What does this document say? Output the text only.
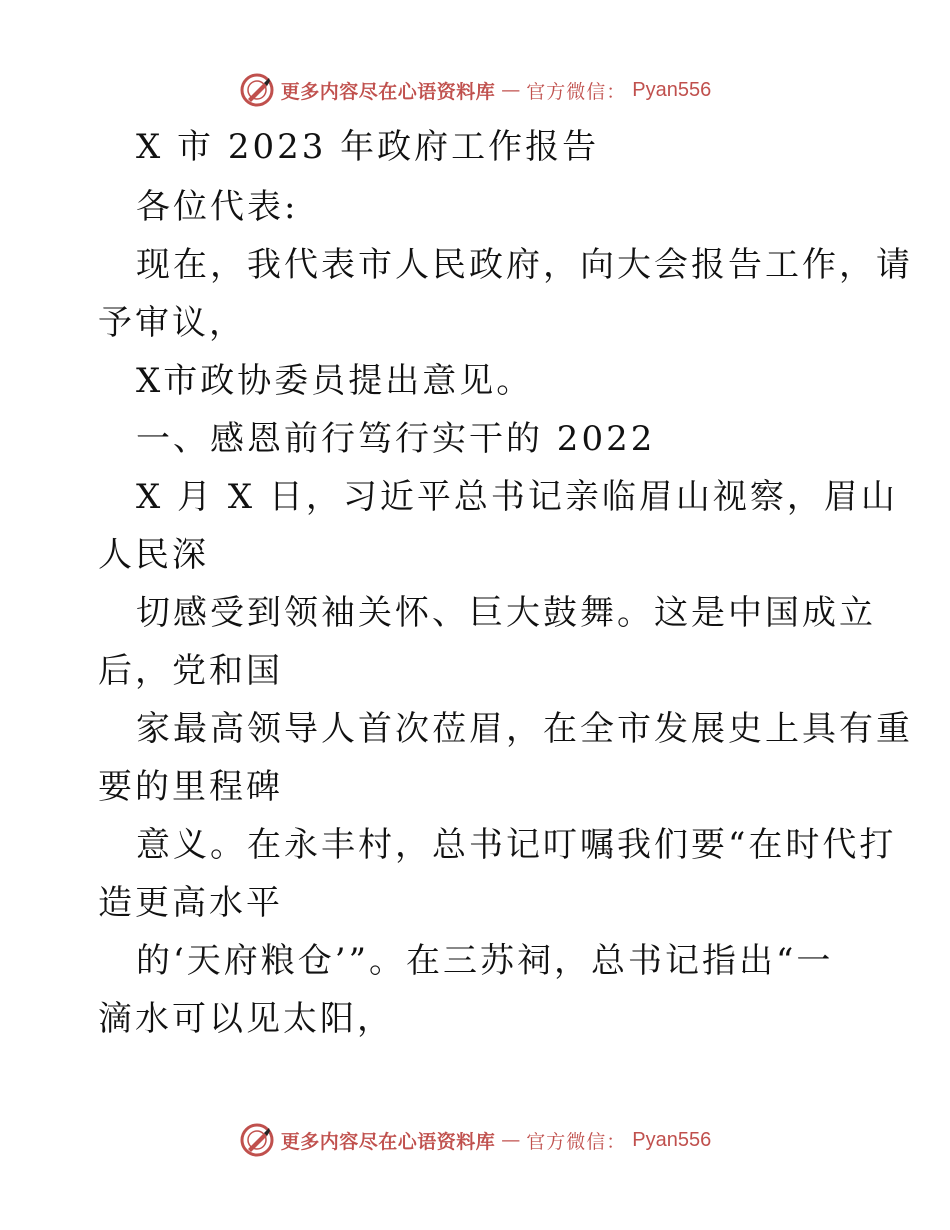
更多内容尽在心语资料库 — 官方微信： Pyan556
X 市 2023 年政府工作报告
各位代表:
现在，我代表市人民政府，向大会报告工作，请
予审议，
X市政协委员提出意见。
一、感恩前行笃行实干的 2022
X 月 X 日，习近平总书记亲临眉山视察，眉山
人民深
切感受到领袖关怀、巨大鼓舞。这是中国成立
后，党和国
家最高领导人首次莅眉，在全市发展史上具有重
要的里程碑
意义。在永丰村，总书记叮嘱我们要“在时代打
造更高水平
的‘天府粮仓’”。在三苏祠，总书记指出“一
滴水可以见太阳，
更多内容尽在心语资料库 — 官方微信： Pyan556
